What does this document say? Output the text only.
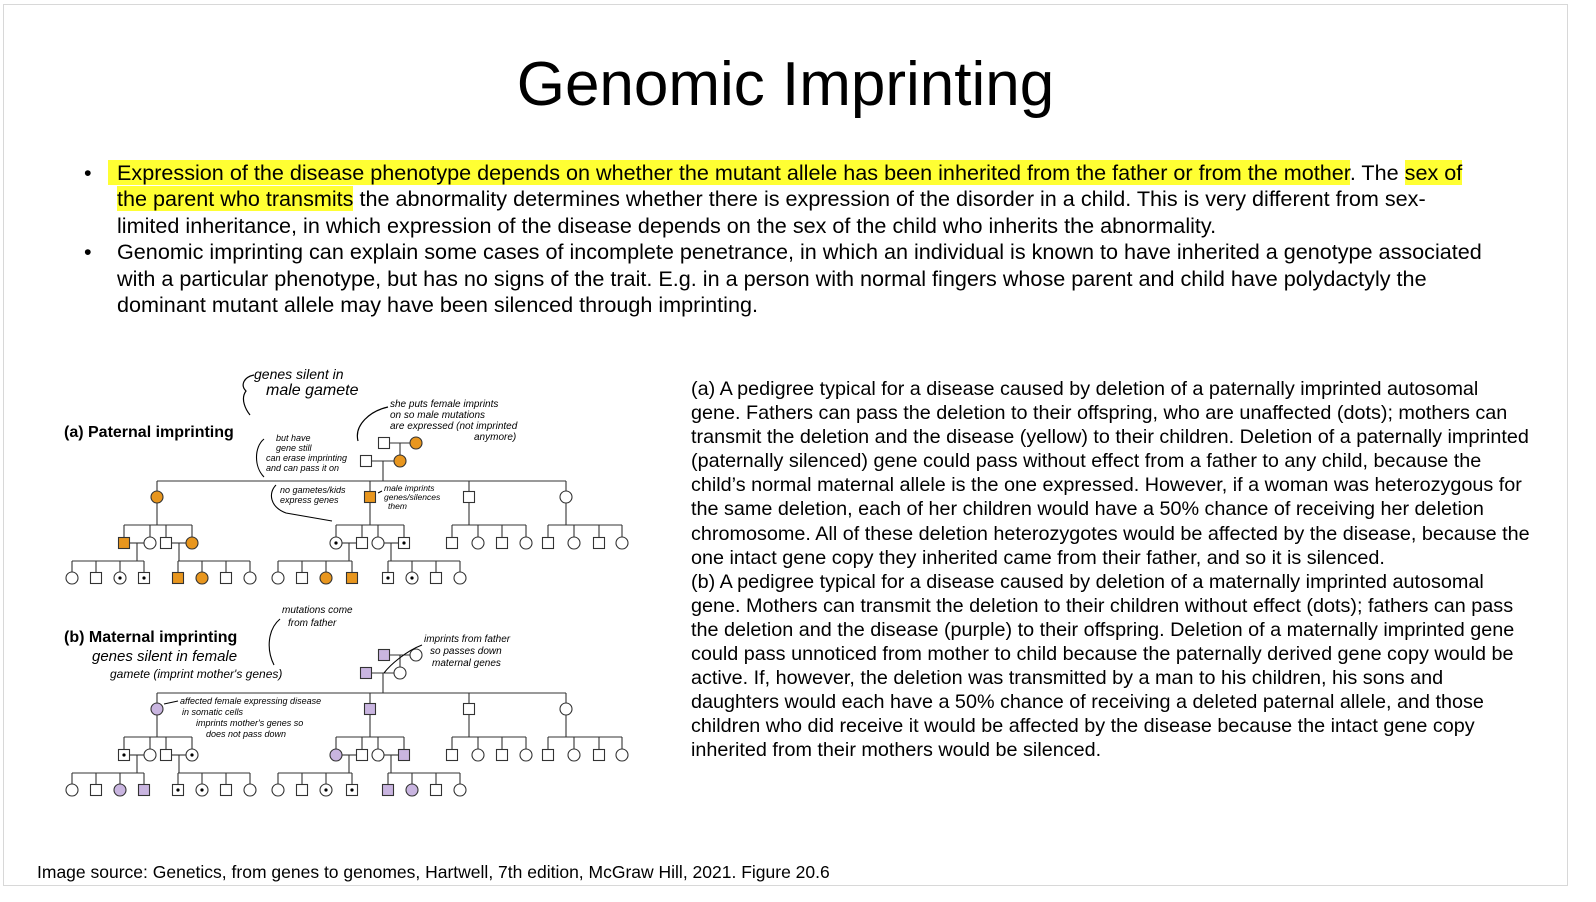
Genomic Imprinting
• Expression of the disease phenotype depends on whether the mutant allele has been inherited from the father or from the mother. The sex of the parent who transmits the abnormality determines whether there is expression of the disorder in a child. This is very different from sex-limited inheritance, in which expression of the disease depends on the sex of the child who inherits the abnormality.
• Genomic imprinting can explain some cases of incomplete penetrance, in which an individual is known to have inherited a genotype associated with a particular phenotype, but has no signs of the trait. E.g. in a person with normal fingers whose parent and child have polydactyly the dominant mutant allele may have been silenced through imprinting.
(a) Paternal imprinting
(b) Maternal imprinting
genes silent in
male gamete
she puts female imprints
on so male mutations
are expressed (not imprinted
anymore)
but have
gene still
can erase imprinting
and can pass it on
no gametes/kids
express genes
male imprints
genes/silences
them
mutations come
from father
genes silent in female
gamete (imprint mother's genes)
imprints from father
so passes down
maternal genes
affected female expressing disease
in somatic cells
imprints mother's genes so
does not pass down

(a) A pedigree typical for a disease caused by deletion of a paternally imprinted autosomal gene. Fathers can pass the deletion to their offspring, who are unaffected (dots); mothers can transmit the deletion and the disease (yellow) to their children. Deletion of a paternally imprinted (paternally silenced) gene could pass without effect from a father to any child, because the child’s normal maternal allele is the one expressed. However, if a woman was heterozygous for the same deletion, each of her children would have a 50% chance of receiving her deletion chromosome. All of these deletion heterozygotes would be affected by the disease, because the one intact gene copy they inherited came from their father, and so it is silenced.

(b) A pedigree typical for a disease caused by deletion of a maternally imprinted autosomal gene. Mothers can transmit the deletion to their children without effect (dots); fathers can pass the deletion and the disease (purple) to their offspring. Deletion of a maternally imprinted gene could pass unnoticed from mother to child because the paternally derived gene copy would be active. If, however, the deletion was transmitted by a man to his children, his sons and daughters would each have a 50% chance of receiving a deleted paternal allele, and those children who did receive it would be affected by the disease because the intact gene copy inherited from their mothers would be silenced.

Image source: Genetics, from genes to genomes, Hartwell, 7th edition, McGraw Hill, 2021. Figure 20.6
